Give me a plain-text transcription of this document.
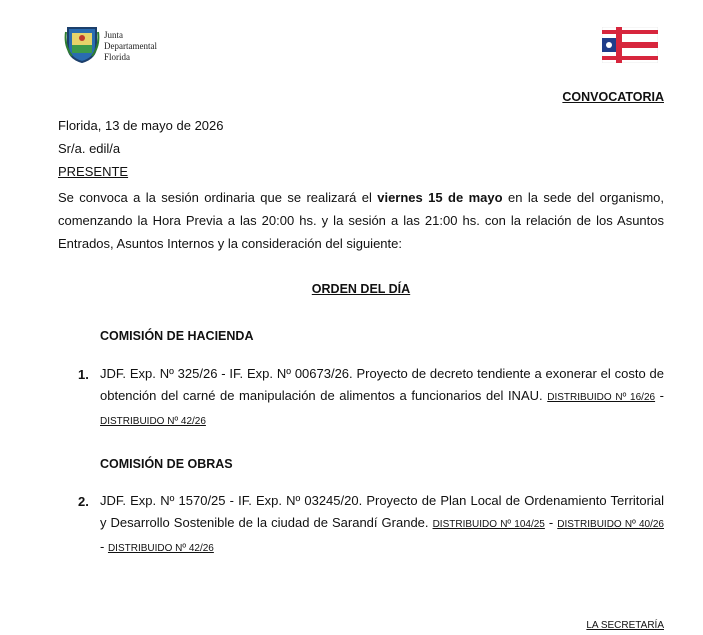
Junta
Departamental
Florida
CONVOCATORIA
Florida, 13 de mayo de 2026
Sr/a. edil/a
PRESENTE
Se convoca a la sesión ordinaria que se realizará el viernes 15 de mayo en la sede del organismo, comenzando la Hora Previa a las 20:00 hs. y la sesión a las 21:00 hs. con la relación de los Asuntos Entrados, Asuntos Internos y la consideración del siguiente:
ORDEN DEL DÍA
COMISIÓN DE HACIENDA
1. JDF. Exp. Nº 325/26 - IF. Exp. Nº 00673/26. Proyecto de decreto tendiente a exonerar el costo de obtención del carné de manipulación de alimentos a funcionarios del INAU. DISTRIBUIDO Nº 16/26 - DISTRIBUIDO Nº 42/26
COMISIÓN DE OBRAS
2. JDF. Exp. Nº 1570/25 - IF. Exp. Nº 03245/20. Proyecto de Plan Local de Ordenamiento Territorial y Desarrollo Sostenible de la ciudad de Sarandí Grande. DISTRIBUIDO Nº 104/25 - DISTRIBUIDO Nº 40/26 - DISTRIBUIDO Nº 42/26
LA SECRETARÍA
